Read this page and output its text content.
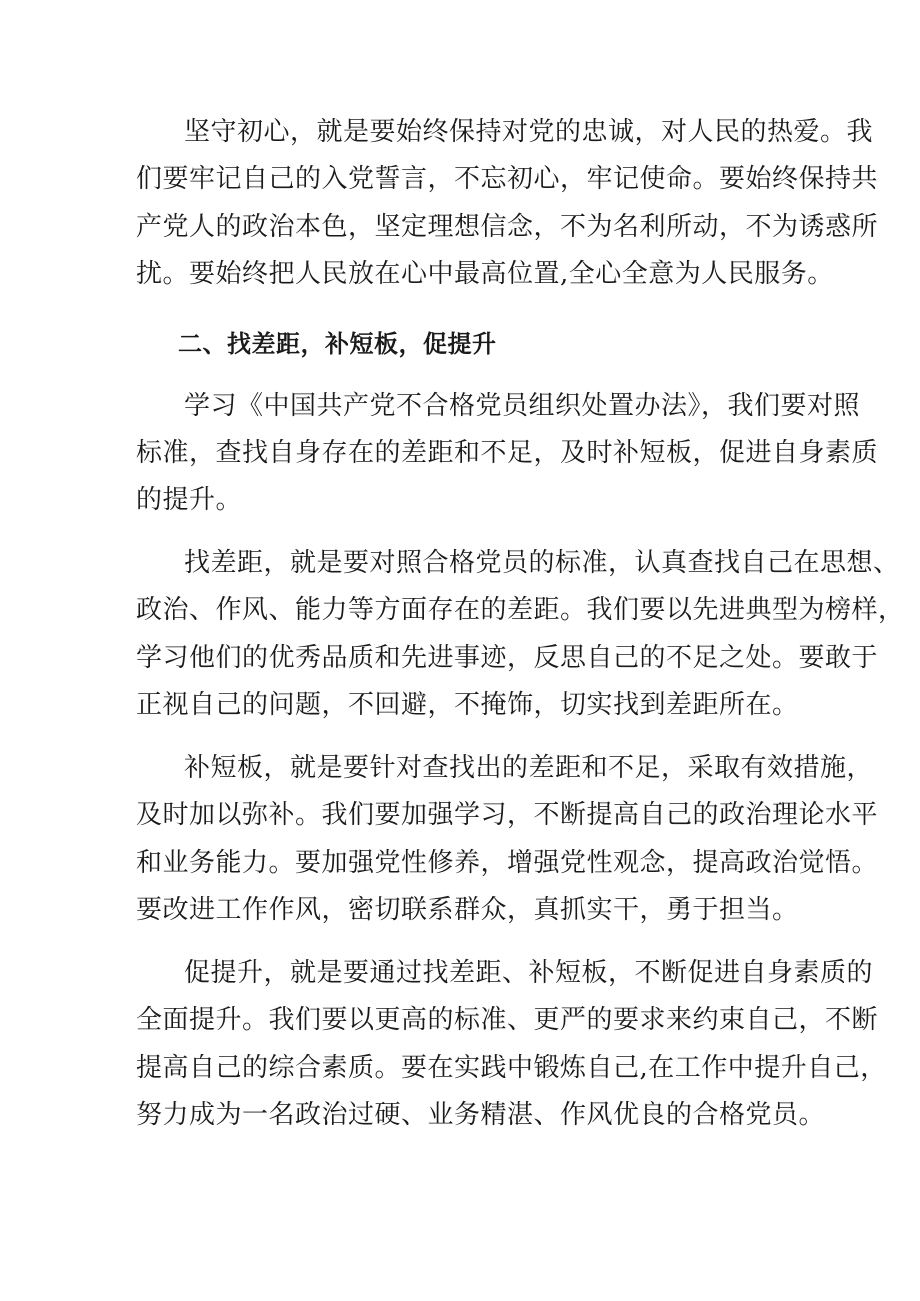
坚守初心，就是要始终保持对党的忠诚，对人民的热爱。我
们要牢记自己的入党誓言，不忘初心，牢记使命。要始终保持共
产党人的政治本色，坚定理想信念，不为名利所动，不为诱惑所
扰。要始终把人民放在心中最高位置,全心全意为人民服务。
二、找差距，补短板，促提升
学习《中国共产党不合格党员组织处置办法》，我们要对照
标准，查找自身存在的差距和不足，及时补短板，促进自身素质
的提升。
找差距，就是要对照合格党员的标准，认真查找自己在思想、
政治、作风、能力等方面存在的差距。我们要以先进典型为榜样，
学习他们的优秀品质和先进事迹，反思自己的不足之处。要敢于
正视自己的问题，不回避，不掩饰，切实找到差距所在。
补短板，就是要针对查找出的差距和不足，采取有效措施，
及时加以弥补。我们要加强学习，不断提高自己的政治理论水平
和业务能力。要加强党性修养，增强党性观念，提高政治觉悟。
要改进工作作风，密切联系群众，真抓实干，勇于担当。
促提升，就是要通过找差距、补短板，不断促进自身素质的
全面提升。我们要以更高的标准、更严的要求来约束自己，不断
提高自己的综合素质。要在实践中锻炼自己,在工作中提升自己，
努力成为一名政治过硬、业务精湛、作风优良的合格党员。
